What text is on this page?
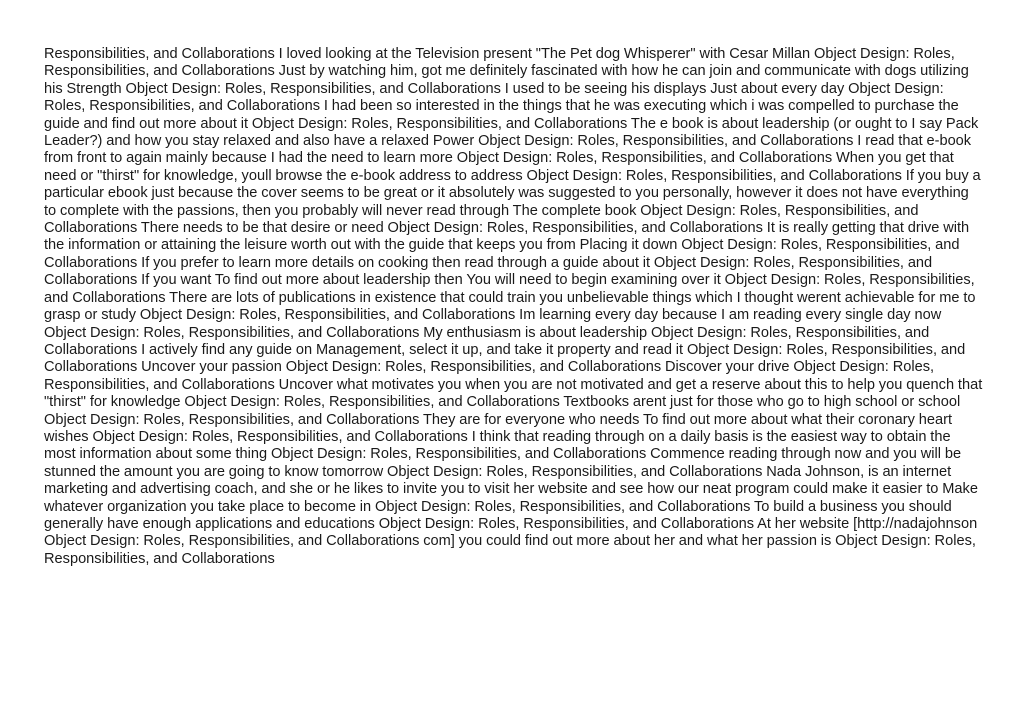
Responsibilities, and Collaborations I loved looking at the Television present "The Pet dog Whisperer" with Cesar Millan Object Design: Roles, Responsibilities, and Collaborations Just by watching him, got me definitely fascinated with how he can join and communicate with dogs utilizing his Strength Object Design: Roles, Responsibilities, and Collaborations I used to be seeing his displays Just about every day Object Design: Roles, Responsibilities, and Collaborations I had been so interested in the things that he was executing which i was compelled to purchase the guide and find out more about it Object Design: Roles, Responsibilities, and Collaborations The e book is about leadership (or ought to I say Pack Leader?) and how you stay relaxed and also have a relaxed Power Object Design: Roles, Responsibilities, and Collaborations I read that e-book from front to again mainly because I had the need to learn more Object Design: Roles, Responsibilities, and Collaborations When you get that need or "thirst" for knowledge, youll browse the e-book address to address Object Design: Roles, Responsibilities, and Collaborations If you buy a particular ebook just because the cover seems to be great or it absolutely was suggested to you personally, however it does not have everything to complete with the passions, then you probably will never read through The complete book Object Design: Roles, Responsibilities, and Collaborations There needs to be that desire or need Object Design: Roles, Responsibilities, and Collaborations It is really getting that drive with the information or attaining the leisure worth out with the guide that keeps you from Placing it down Object Design: Roles, Responsibilities, and Collaborations If you prefer to learn more details on cooking then read through a guide about it Object Design: Roles, Responsibilities, and Collaborations If you want To find out more about leadership then You will need to begin examining over it Object Design: Roles, Responsibilities, and Collaborations There are lots of publications in existence that could train you unbelievable things which I thought werent achievable for me to grasp or study Object Design: Roles, Responsibilities, and Collaborations Im learning every day because I am reading every single day now Object Design: Roles, Responsibilities, and Collaborations My enthusiasm is about leadership Object Design: Roles, Responsibilities, and Collaborations I actively find any guide on Management, select it up, and take it property and read it Object Design: Roles, Responsibilities, and Collaborations Uncover your passion Object Design: Roles, Responsibilities, and Collaborations Discover your drive Object Design: Roles, Responsibilities, and Collaborations Uncover what motivates you when you are not motivated and get a reserve about this to help you quench that "thirst" for knowledge Object Design: Roles, Responsibilities, and Collaborations Textbooks arent just for those who go to high school or school Object Design: Roles, Responsibilities, and Collaborations They are for everyone who needs To find out more about what their coronary heart wishes Object Design: Roles, Responsibilities, and Collaborations I think that reading through on a daily basis is the easiest way to obtain the most information about some thing Object Design: Roles, Responsibilities, and Collaborations Commence reading through now and you will be stunned the amount you are going to know tomorrow Object Design: Roles, Responsibilities, and Collaborations Nada Johnson, is an internet marketing and advertising coach, and she or he likes to invite you to visit her website and see how our neat program could make it easier to Make whatever organization you take place to become in Object Design: Roles, Responsibilities, and Collaborations To build a business you should generally have enough applications and educations Object Design: Roles, Responsibilities, and Collaborations At her website [http://nadajohnson Object Design: Roles, Responsibilities, and Collaborations com] you could find out more about her and what her passion is Object Design: Roles, Responsibilities, and Collaborations
